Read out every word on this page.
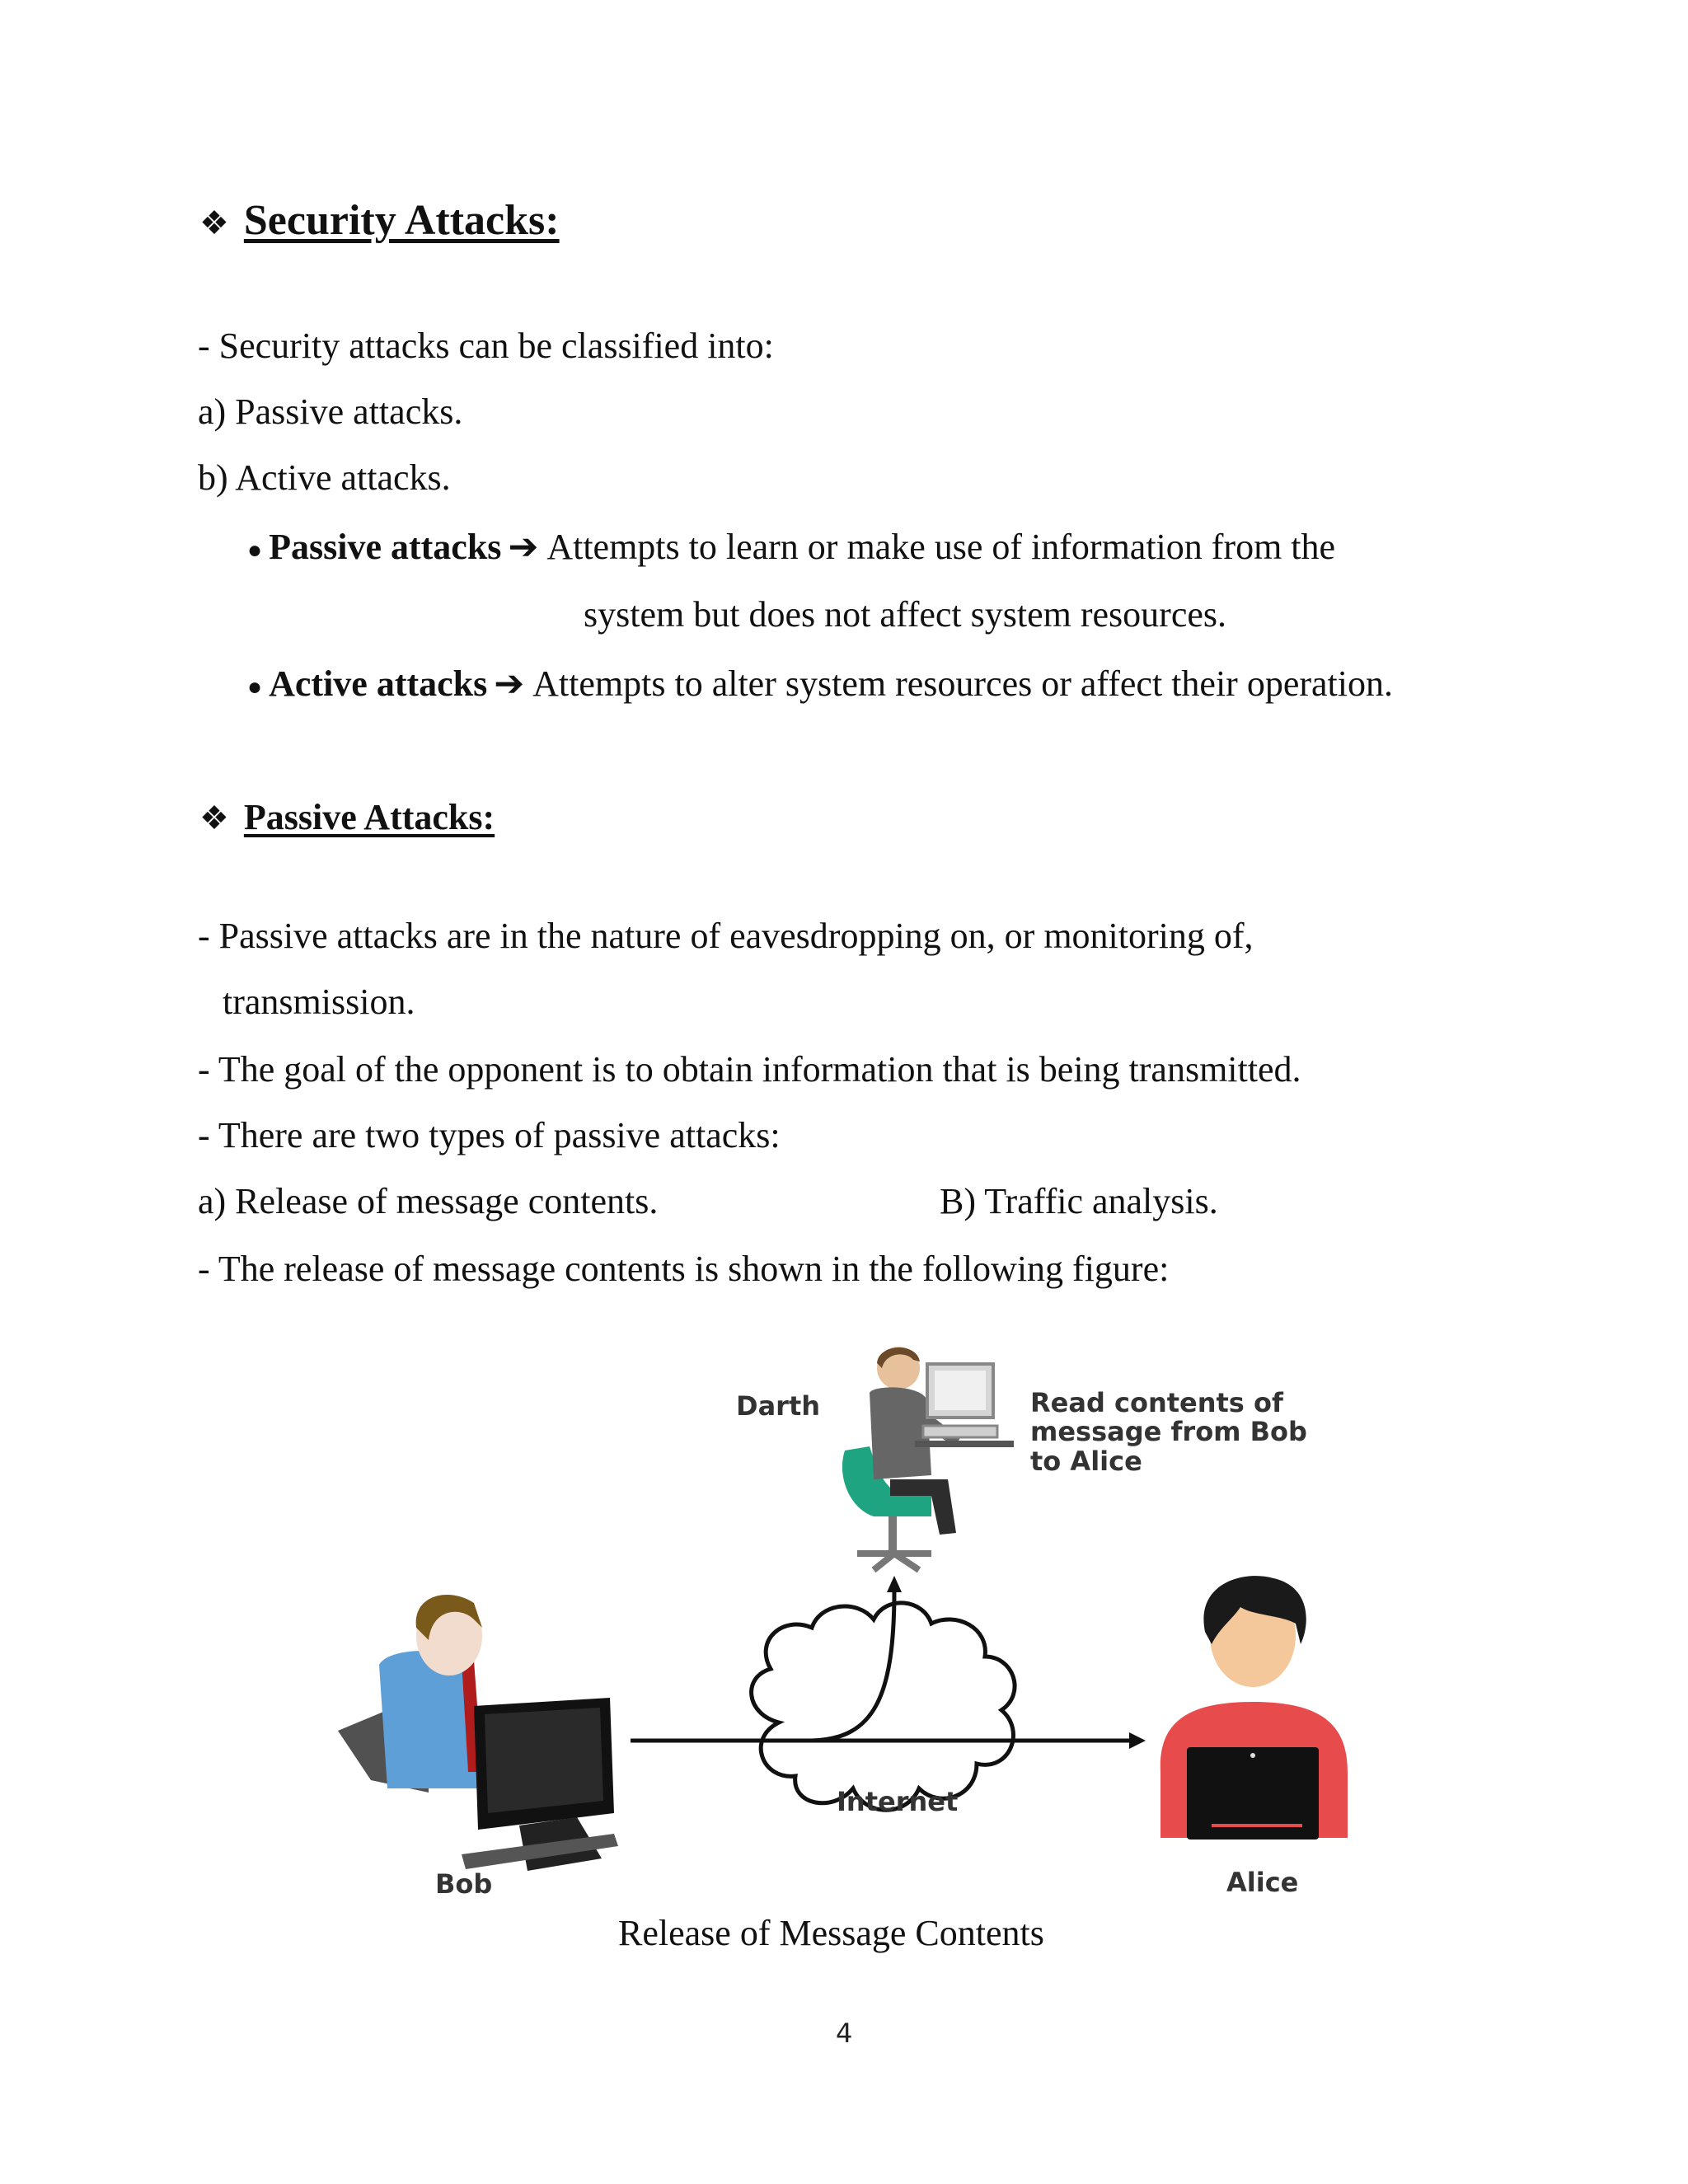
❖ Security Attacks:
- Security attacks can be classified into:
a) Passive attacks.
b) Active attacks.
● Passive attacks ➔ Attempts to learn or make use of information from the
system but does not affect system resources.
● Active attacks ➔ Attempts to alter system resources or affect their operation.
❖ Passive Attacks:
- Passive attacks are in the nature of eavesdropping on, or monitoring of,
transmission.
- The goal of the opponent is to obtain information that is being transmitted.
- There are two types of passive attacks:
a) Release of message contents.	B) Traffic analysis.
- The release of message contents is shown in the following figure:
Darth	Read contents of
message from Bob
to Alice
Internet
Bob	Alice
Release of Message Contents
4
